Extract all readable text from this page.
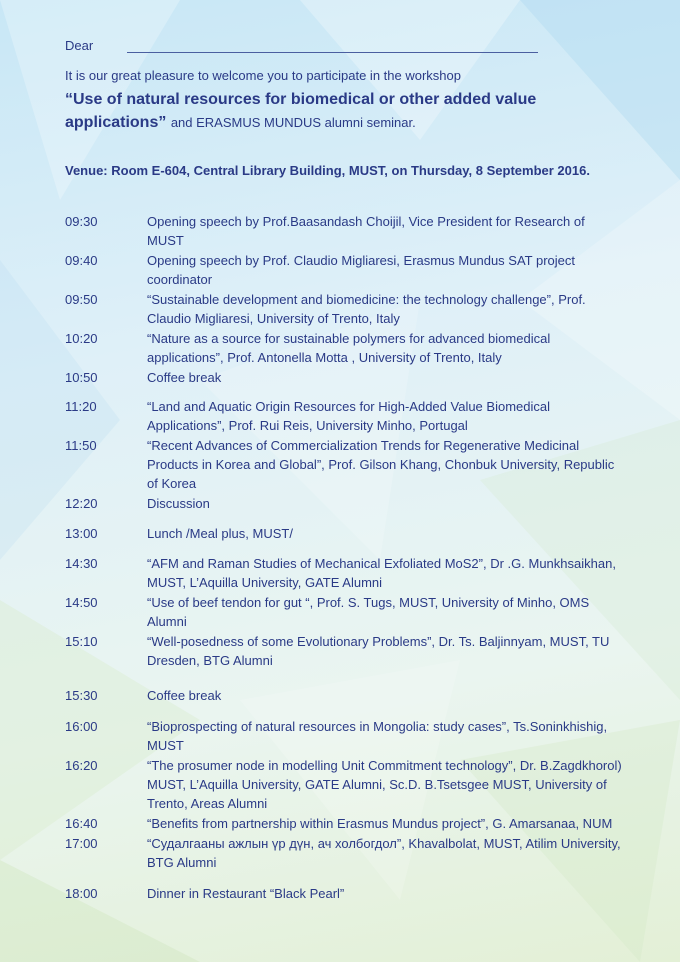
Dear
It is our great pleasure to welcome you to participate in the workshop
“Use of natural resources for biomedical or other added value applications” and ERASMUS MUNDUS alumni seminar.
Venue: Room E-604, Central Library Building, MUST, on Thursday, 8 September 2016.
09:30	Opening speech by Prof.Baasandash Choijil, Vice President for Research of MUST
09:40	Opening speech by Prof. Claudio Migliaresi, Erasmus Mundus SAT project coordinator
09:50	“Sustainable development and biomedicine: the technology challenge”, Prof. Claudio Migliaresi, University of Trento, Italy
10:20	“Nature as a source for sustainable polymers for advanced biomedical applications”, Prof. Antonella Motta , University of Trento, Italy
10:50	Coffee break
11:20	“Land and Aquatic Origin Resources for High-Added Value Biomedical Applications”, Prof. Rui Reis, University Minho, Portugal
11:50	“Recent Advances of Commercialization Trends for Regenerative Medicinal Products in Korea and Global”, Prof. Gilson Khang, Chonbuk University, Republic of Korea
12:20	Discussion
13:00	Lunch /Meal plus, MUST/
14:30	“AFM and Raman Studies of Mechanical Exfoliated MoS2”, Dr .G. Munkhsaikhan, MUST, L’Aquilla University, GATE Alumni
14:50	“Use of beef tendon for gut “, Prof. S. Tugs, MUST, University of Minho, OMS Alumni
15:10	“Well-posedness of some Evolutionary Problems”, Dr. Ts. Baljinnyam, MUST, TU Dresden, BTG Alumni
15:30	Coffee break
16:00	“Bioprospecting of natural resources in Mongolia: study cases”, Ts.Soninkhishig, MUST
16:20	“The prosumer node in modelling Unit Commitment technology”, Dr. B.Zagdkhorol) MUST, L’Aquilla University, GATE Alumni, Sc.D. B.Tsetsgee MUST, University of Trento, Areas Alumni
16:40	“Benefits from partnership within Erasmus Mundus project”, G. Amarsanaa, NUM
17:00	“Судалгааны ажлын үр дүн, ач холбогдол”, Khavalbolat, MUST, Atilim University, BTG Alumni
18:00	Dinner in Restaurant “Black Pearl”
